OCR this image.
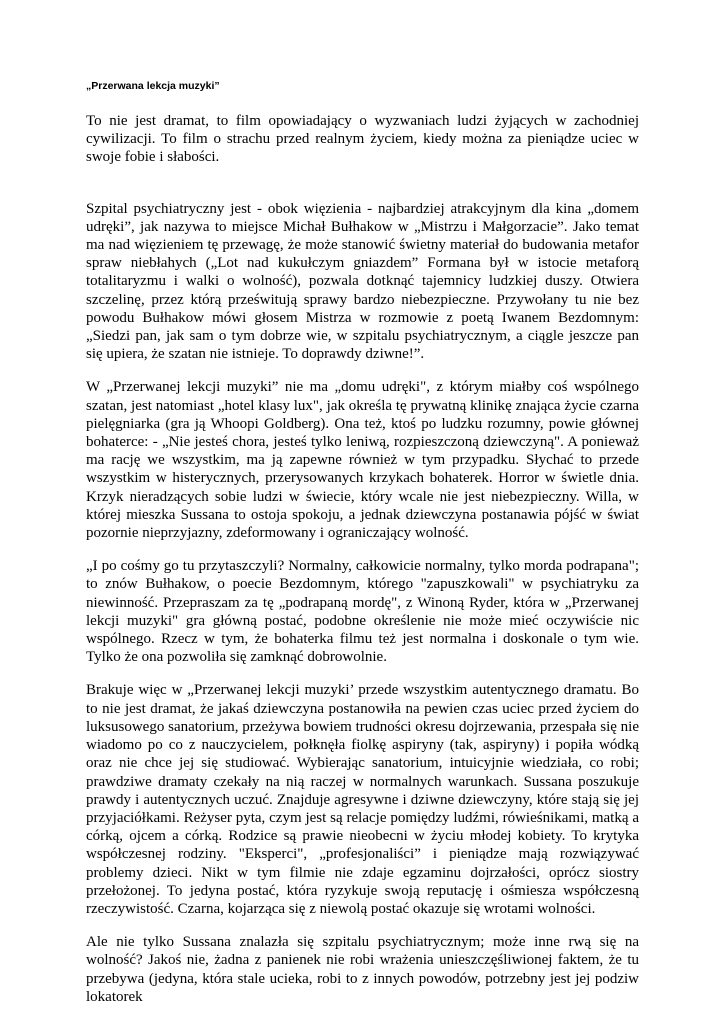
„Przerwana lekcja muzyki”

To nie jest dramat, to film opowiadający o wyzwaniach ludzi żyjących w zachodniej cywilizacji. To film o strachu przed realnym życiem, kiedy można za pieniądze uciec w swoje fobie i słabości.

Szpital psychiatryczny jest - obok więzienia - najbardziej atrakcyjnym dla kina „domem udręki”, jak nazywa to miejsce Michał Bułhakow w „Mistrzu i Małgorzacie”. Jako temat ma nad więzieniem tę przewagę, że może stanowić świetny materiał do budowania metafor spraw niebłahych („Lot nad kukułczym gniazdem” Formana był w istocie metaforą totalitaryzmu i walki o wolność), pozwala dotknąć tajemnicy ludzkiej duszy. Otwiera szczelinę, przez którą prześwitują sprawy bardzo niebezpieczne. Przywołany tu nie bez powodu Bułhakow mówi głosem Mistrza w rozmowie z poetą Iwanem Bezdomnym: „Siedzi pan, jak sam o tym dobrze wie, w szpitalu psychiatrycznym, a ciągle jeszcze pan się upiera, że szatan nie istnieje. To doprawdy dziwne!”.

W „Przerwanej lekcji muzyki” nie ma „domu udręki", z którym miałby coś wspólnego szatan, jest natomiast „hotel klasy lux", jak określa tę prywatną klinikę znająca życie czarna pielęgniarka (gra ją Whoopi Goldberg). Ona też, ktoś po ludzku rozumny, powie głównej bohaterce: - „Nie jesteś chora, jesteś tylko leniwą, rozpieszczoną dziewczyną". A ponieważ ma rację we wszystkim, ma ją zapewne również w tym przypadku. Słychać to przede wszystkim w histerycznych, przerysowanych krzykach bohaterek. Horror w świetle dnia. Krzyk nieradzących sobie ludzi w świecie, który wcale nie jest niebezpieczny. Willa, w której mieszka Sussana to ostoja spokoju, a jednak dziewczyna postanawia pójść w świat pozornie nieprzyjazny, zdeformowany i ograniczający wolność.

„I po cośmy go tu przytaszczyli? Normalny, całkowicie normalny, tylko morda podrapana"; to znów Bułhakow, o poecie Bezdomnym, którego "zapuszkowali" w psychiatryku za niewinność. Przepraszam za tę „podrapaną mordę", z Winoną Ryder, która w „Przerwanej lekcji muzyki" gra główną postać, podobne określenie nie może mieć oczywiście nic wspólnego. Rzecz w tym, że bohaterka filmu też jest normalna i doskonale o tym wie. Tylko że ona pozwoliła się zamknąć dobrowolnie.

Brakuje więc w „Przerwanej lekcji muzyki’ przede wszystkim autentycznego dramatu. Bo to nie jest dramat, że jakaś dziewczyna postanowiła na pewien czas uciec przed życiem do luksusowego sanatorium, przeżywa bowiem trudności okresu dojrzewania, przespała się nie wiadomo po co z nauczycielem, połknęła fiolkę aspiryny (tak, aspiryny) i popiła wódką oraz nie chce jej się studiować. Wybierając sanatorium, intuicyjnie wiedziała, co robi; prawdziwe dramaty czekały na nią raczej w normalnych warunkach. Sussana poszukuje prawdy i autentycznych uczuć. Znajduje agresywne i dziwne dziewczyny, które stają się jej przyjaciółkami. Reżyser pyta, czym jest są relacje pomiędzy ludźmi, rówieśnikami, matką a córką, ojcem a córką. Rodzice są prawie nieobecni w życiu młodej kobiety. To krytyka współczesnej rodziny. "Eksperci", „profesjonaliści” i pieniądze mają rozwiązywać problemy dzieci. Nikt w tym filmie nie zdaje egzaminu dojrzałości, oprócz siostry przełożonej. To jedyna postać, która ryzykuje swoją reputację i ośmiesza współczesną rzeczywistość. Czarna, kojarząca się z niewolą postać okazuje się wrotami wolności.

Ale nie tylko Sussana znalazła się szpitalu psychiatrycznym; może inne rwą się na wolność? Jakoś nie, żadna z panienek nie robi wrażenia unieszczęśliwionej faktem, że tu przebywa (jedyna, która stale ucieka, robi to z innych powodów, potrzebny jest jej podziw lokatorek
